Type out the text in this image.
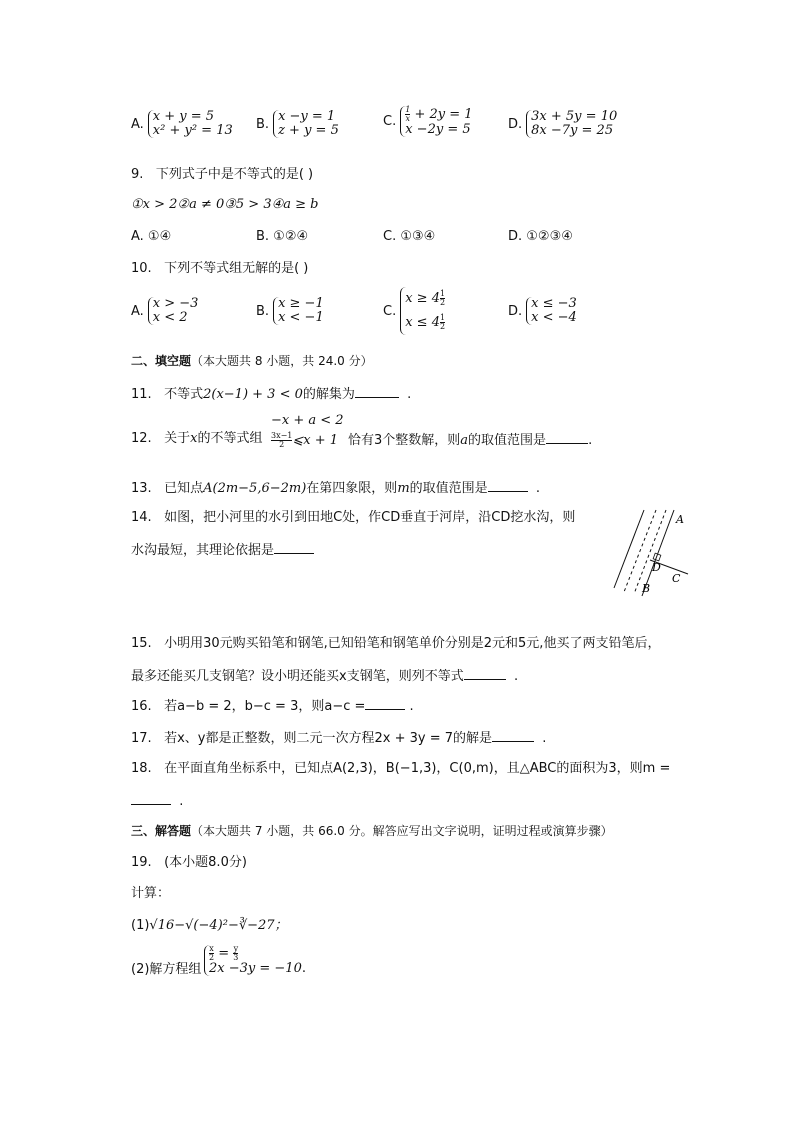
A. x + y = 5
x² + y² = 13 B. x −y = 1
z + y = 5
C. $\frac{1}{x} + 2y = 1$
x −2y = 5	D. 3x + 5y = 10
8x −7y = 25
9. 下列式子中是不等式的是( )
①x > 2②a ≠ 0③5 > 3④a ≥ b
A. ①④	B. ①②④	C. ①③④	D. ①②③④
10. 下列不等式组无解的是( )
A. x > −3
x < 2	B. x ≥ −1
x < −1	C.
$x \ge 4 \frac{1}{2}$
$x \le 4 \frac{1}{2}$
D. x ≤ −3
x < −4
二、填空题（本大题共 8 小题，共 24.0 分）
11. 不等式2(x−1) + 3 < 0的解集为	.
12. 关于x的不等式组
−x + a < 2
$\frac{3x-1}{2}$ ⩽x + 1 恰有3个整数解，则a的取值范围是	.
13. 已知点A(2m−5,6−2m)在第四象限，则m的取值范围是	.
14. 如图，把小河里的水引到田地C处，作CD垂直于河岸，沿CD挖水沟，则
水沟最短，其理论依据是
A
D
C
B
15. 小明用30元购买铅笔和钢笔,已知铅笔和钢笔单价分别是2元和5元,他买了两支铅笔后，
最多还能买几支钢笔？设小明还能买x支钢笔，则列不等式	.
16. 若a−b = 2，b−c = 3，则a−c =	.
17. 若x、y都是正整数，则二元一次方程2x + 3y = 7的解是	.
18. 在平面直角坐标系中，已知点A(2,3)，B(−1,3)，C(0,m)，且△ABC的面积为3，则m =
.
三、解答题（本大题共 7 小题，共 66.0 分。解答应写出文字说明，证明过程或演算步骤）
19. (本小题8.0分)
计算：
(1)√16−√(−4)²−∛−27；
(2)解方程组
$\frac{x}{2} = \frac{y}{3}$
2x −3y = −10.
